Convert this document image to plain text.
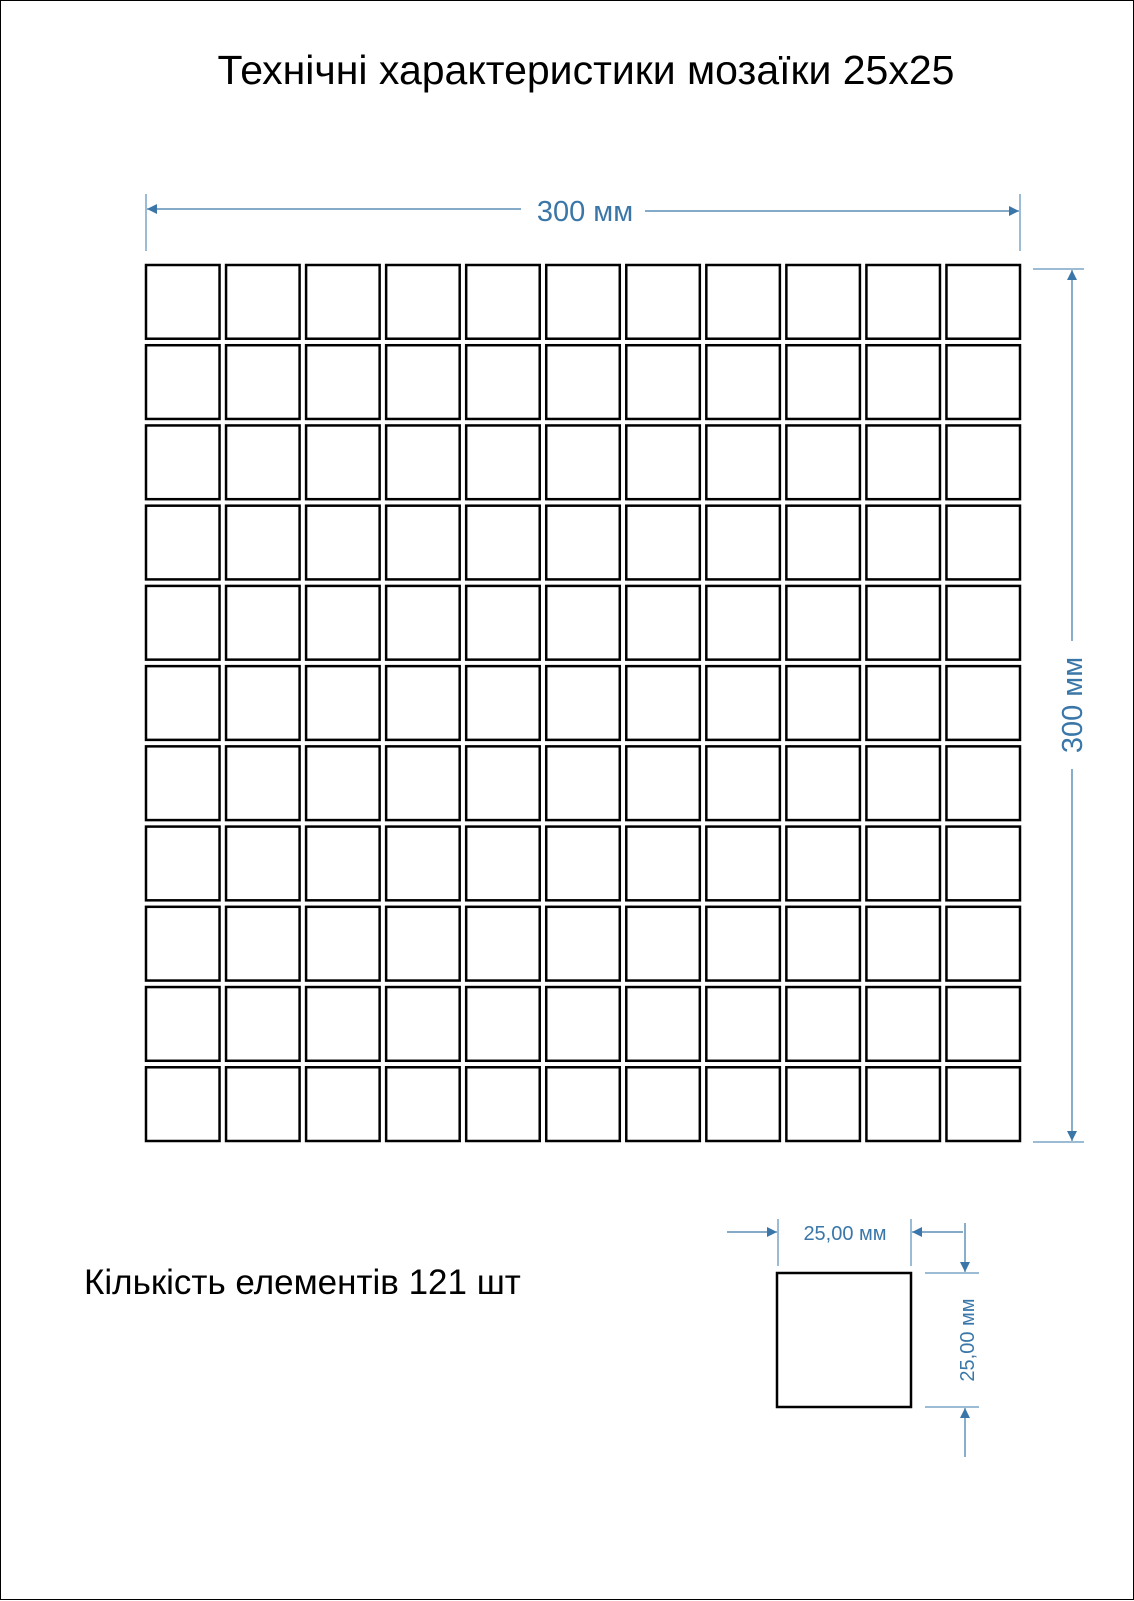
Технічні характеристики мозаїки 25x25
300 мм
300 мм
25,00 мм
25,00 мм
Кількість елементів 121 шт
